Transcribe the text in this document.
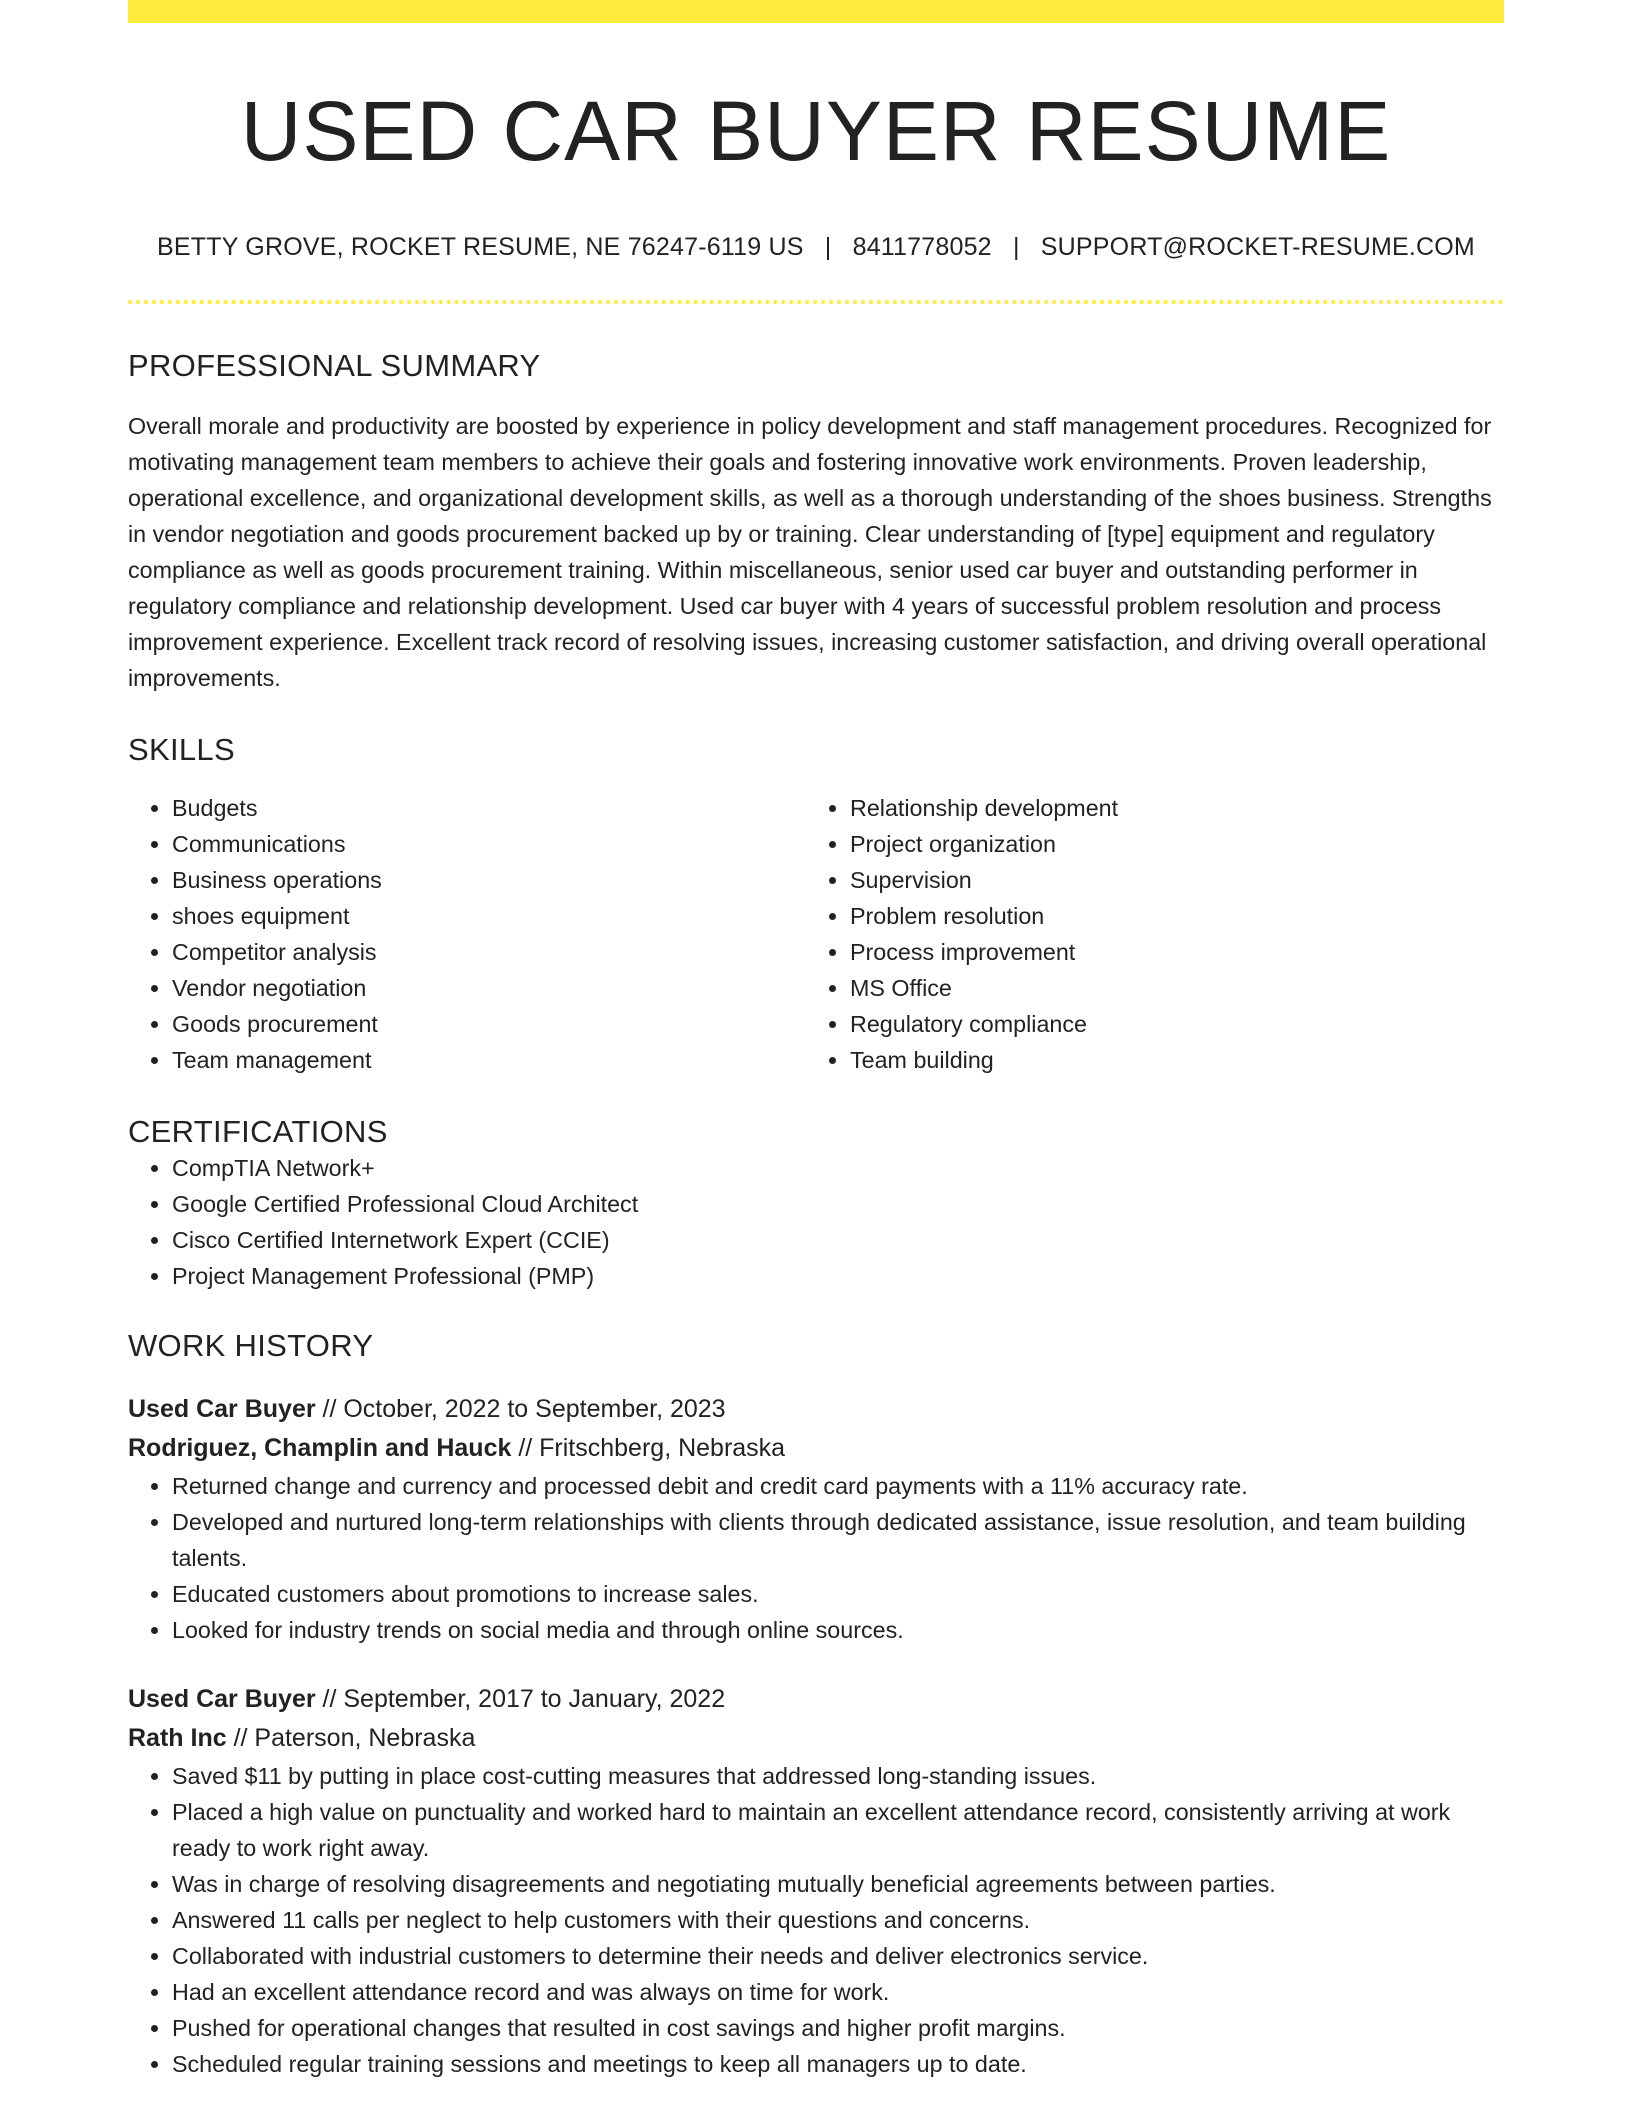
USED CAR BUYER RESUME
BETTY GROVE, ROCKET RESUME, NE 76247-6119 US | 8411778052 | SUPPORT@ROCKET-RESUME.COM
PROFESSIONAL SUMMARY

Overall morale and productivity are boosted by experience in policy development and staff management procedures. Recognized for motivating management team members to achieve their goals and fostering innovative work environments. Proven leadership, operational excellence, and organizational development skills, as well as a thorough understanding of the shoes business. Strengths in vendor negotiation and goods procurement backed up by or training. Clear understanding of [type] equipment and regulatory compliance as well as goods procurement training. Within miscellaneous, senior used car buyer and outstanding performer in regulatory compliance and relationship development. Used car buyer with 4 years of successful problem resolution and process improvement experience. Excellent track record of resolving issues, increasing customer satisfaction, and driving overall operational improvements.

SKILLS
• Budgets
• Communications
• Business operations
• shoes equipment
• Competitor analysis
• Vendor negotiation
• Goods procurement
• Team management
• Relationship development
• Project organization
• Supervision
• Problem resolution
• Process improvement
• MS Office
• Regulatory compliance
• Team building
CERTIFICATIONS
• CompTIA Network+
• Google Certified Professional Cloud Architect
• Cisco Certified Internetwork Expert (CCIE)
• Project Management Professional (PMP)
WORK HISTORY
Used Car Buyer // October, 2022 to September, 2023
Rodriguez, Champlin and Hauck // Fritschberg, Nebraska
• Returned change and currency and processed debit and credit card payments with a 11% accuracy rate.
• Developed and nurtured long-term relationships with clients through dedicated assistance, issue resolution, and team building talents.
• Educated customers about promotions to increase sales.
• Looked for industry trends on social media and through online sources.
Used Car Buyer // September, 2017 to January, 2022
Rath Inc // Paterson, Nebraska
• Saved $11 by putting in place cost-cutting measures that addressed long-standing issues.
• Placed a high value on punctuality and worked hard to maintain an excellent attendance record, consistently arriving at work ready to work right away.
• Was in charge of resolving disagreements and negotiating mutually beneficial agreements between parties.
• Answered 11 calls per neglect to help customers with their questions and concerns.
• Collaborated with industrial customers to determine their needs and deliver electronics service.
• Had an excellent attendance record and was always on time for work.
• Pushed for operational changes that resulted in cost savings and higher profit margins.
• Scheduled regular training sessions and meetings to keep all managers up to date.
